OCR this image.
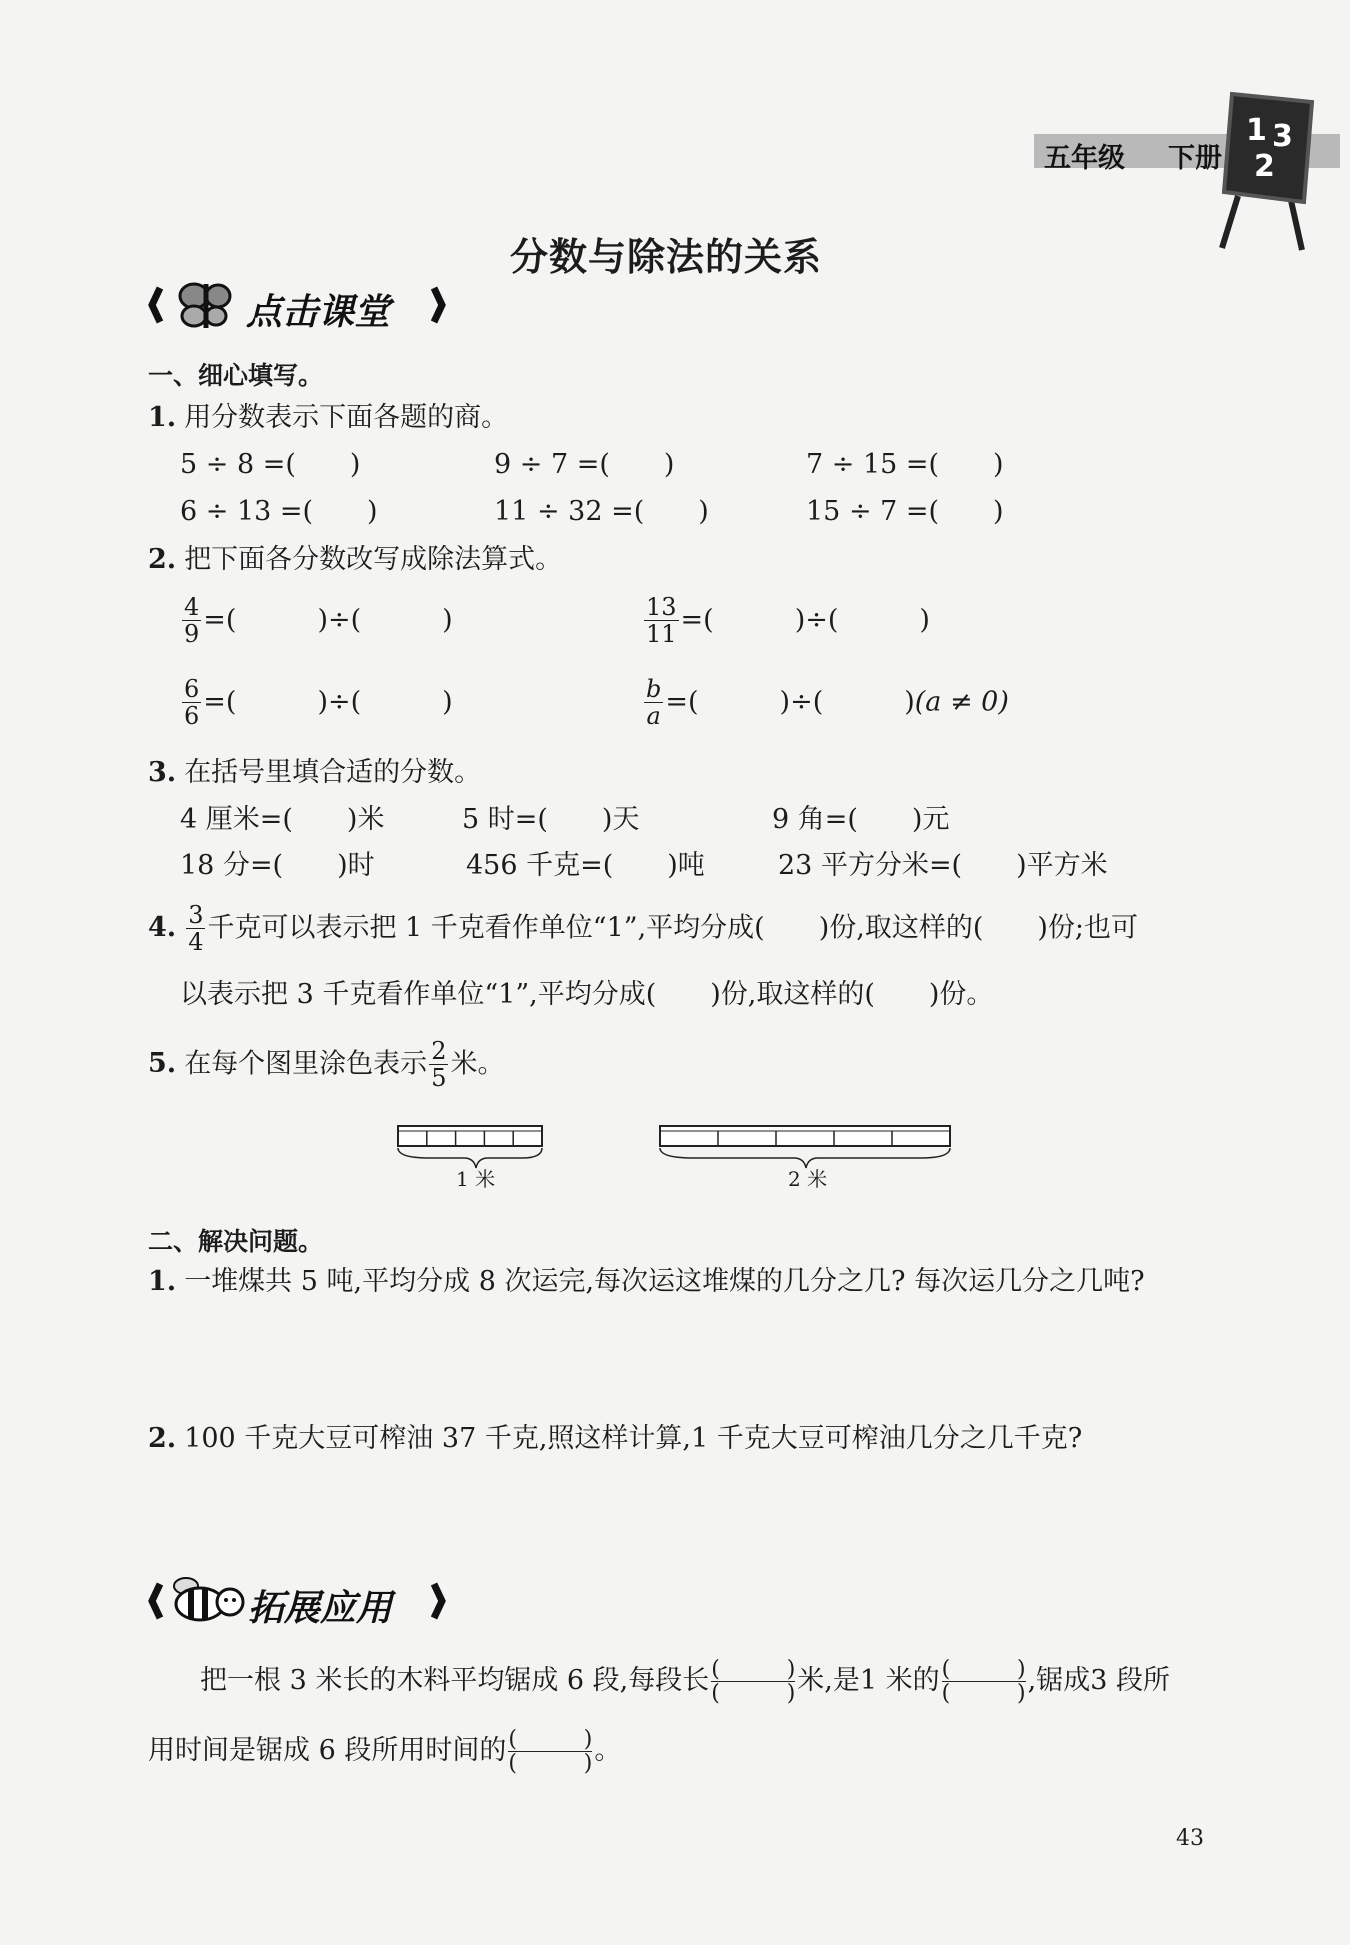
五年级 下册
1 3
2
分数与除法的关系
点击课堂
一、细心填写。
1. 用分数表示下面各题的商。
5 ÷ 8 =(　　)	9 ÷ 7 =(　　)	7 ÷ 15 =(　　)
6 ÷ 13 =(　　)	11 ÷ 32 =(　　)	15 ÷ 7 =(　　)
2. 把下面各分数改写成除法算式。
$\frac{4}{9}$ =(　　　)÷(　　　)	$\frac{13}{11}$ =(　　　)÷(　　　)
$\frac{6}{6}$ =(　　　)÷(　　　)	$\frac{b}{a}$ =(　　　)÷(　　　)(a ≠ 0)
3. 在括号里填合适的分数。
4 厘米=(　　)米	5 时=(　　)天	9 角=(　　)元
18 分=(　　)时	456 千克=(　　)吨	23 平方分米=(　　)平方米
4. $\frac{3}{4}$ 千克可以表示把 1 千克看作单位“1”,平均分成(　　)份,取这样的(　　)份;也可
以表示把 3 千克看作单位“1”,平均分成(　　)份,取这样的(　　)份。
5. 在每个图里涂色表示 $\frac{2}{5}$ 米。
1 米	2 米
二、解决问题。
1. 一堆煤共 5 吨,平均分成 8 次运完,每次运这堆煤的几分之几? 每次运几分之几吨?
2. 100 千克大豆可榨油 37 千克,照这样计算,1 千克大豆可榨油几分之几千克?
拓展应用
把一根 3 米长的木料平均锯成 6 段,每段长 (	)
(	) 米,是1 米的 (	)
(	) ,锯成3 段所
用时间是锯成 6 段所用时间的 (	)
(	) 。
43
